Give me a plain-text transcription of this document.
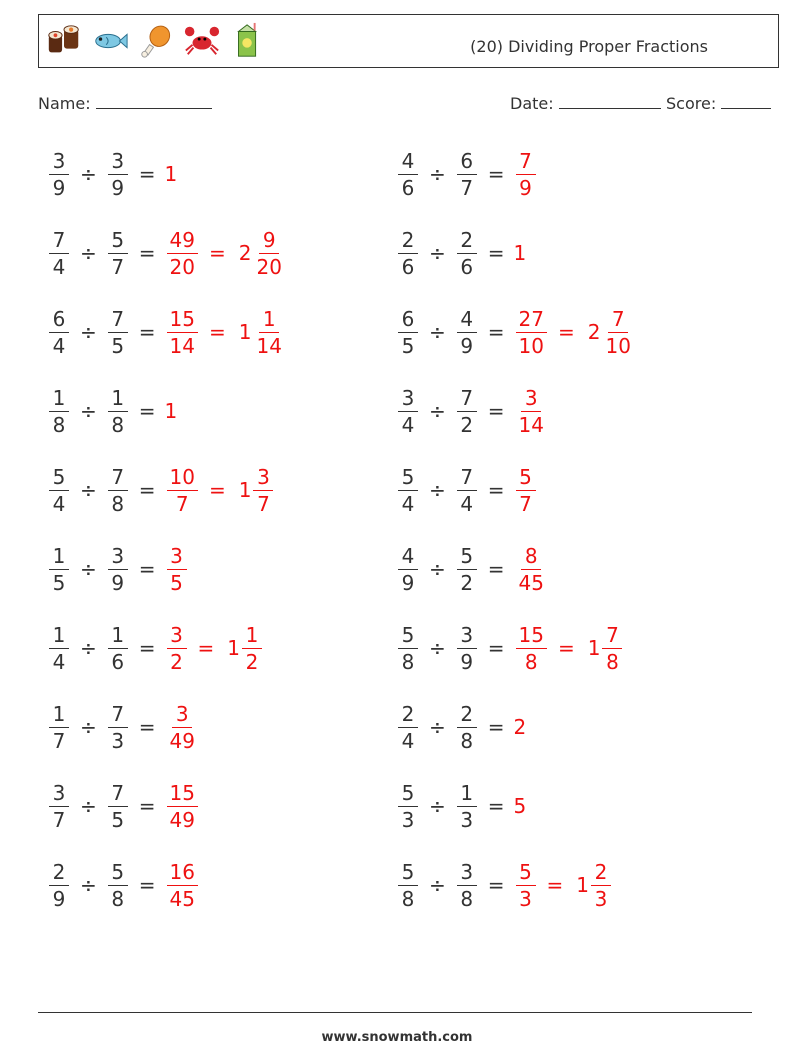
(20) Dividing Proper Fractions
Name:	Date:	Score:
$\frac{3}{9} \div \frac{3}{9} = 1$	$\frac{4}{6} \div \frac{6}{7} = \frac{7}{9}$
$\frac{7}{4} \div \frac{5}{7} = \frac{49}{20} = 2 \frac{9}{20}$	$\frac{2}{6} \div \frac{2}{6} = 1$
$\frac{6}{4} \div \frac{7}{5} = \frac{15}{14} = 1 \frac{1}{14}$	$\frac{6}{5} \div \frac{4}{9} = \frac{27}{10} = 2 \frac{7}{10}$
$\frac{1}{8} \div \frac{1}{8} = 1$	$\frac{3}{4} \div \frac{7}{2} = \frac{3}{14}$
$\frac{5}{4} \div \frac{7}{8} = \frac{10}{7} = 1 \frac{3}{7}$	$\frac{5}{4} \div \frac{7}{4} = \frac{5}{7}$
$\frac{1}{5} \div \frac{3}{9} = \frac{3}{5}$	$\frac{4}{9} \div \frac{5}{2} = \frac{8}{45}$
$\frac{1}{4} \div \frac{1}{6} = \frac{3}{2} = 1 \frac{1}{2}$	$\frac{5}{8} \div \frac{3}{9} = \frac{15}{8} = 1 \frac{7}{8}$
$\frac{1}{7} \div \frac{7}{3} = \frac{3}{49}$	$\frac{2}{4} \div \frac{2}{8} = 2$
$\frac{3}{7} \div \frac{7}{5} = \frac{15}{49}$	$\frac{5}{3} \div \frac{1}{3} = 5$
$\frac{2}{9} \div \frac{5}{8} = \frac{16}{45}$	$\frac{5}{8} \div \frac{3}{8} = \frac{5}{3} = 1 \frac{2}{3}$
www.snowmath.com
